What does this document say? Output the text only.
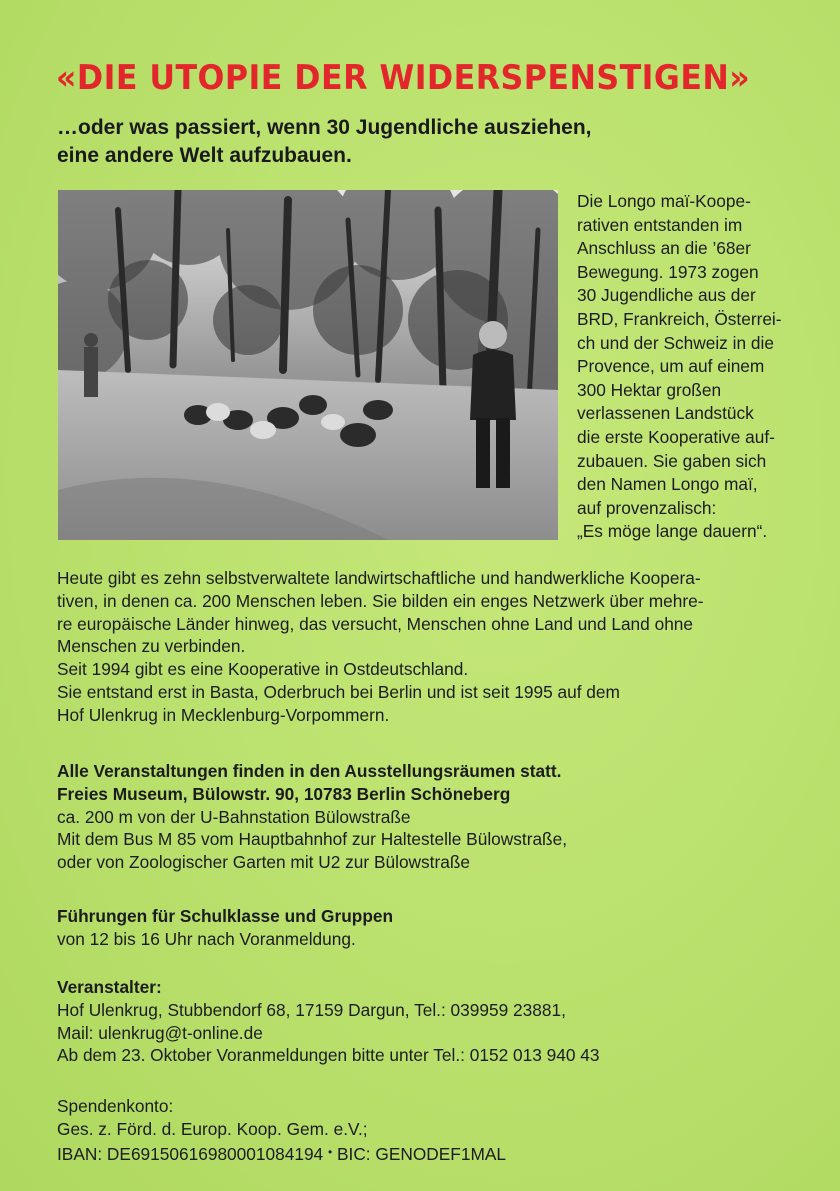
«DIE UTOPIE DER WIDERSPENSTIGEN»
…oder was passiert, wenn 30 Jugendliche ausziehen,
eine andere Welt aufzubauen.
Die Longo maï-Koope-
rativen entstanden im
Anschluss an die ’68er
Bewegung. 1973 zogen
30 Jugendliche aus der
BRD, Frankreich, Österrei-
ch und der Schweiz in die
Provence, um auf einem
300 Hektar großen
verlassenen Landstück
die erste Kooperative auf-
zubauen. Sie gaben sich
den Namen Longo maï,
auf provenzalisch:
„Es möge lange dauern“.
Heute gibt es zehn selbstverwaltete landwirtschaftliche und handwerkliche Koopera-
tiven, in denen ca. 200 Menschen leben. Sie bilden ein enges Netzwerk über mehre-
re europäische Länder hinweg, das versucht, Menschen ohne Land und Land ohne
Menschen zu verbinden.
Seit 1994 gibt es eine Kooperative in Ostdeutschland.
Sie entstand erst in Basta, Oderbruch bei Berlin und ist seit 1995 auf dem
Hof Ulenkrug in Mecklenburg-Vorpommern.
Alle Veranstaltungen finden in den Ausstellungsräumen statt.
Freies Museum, Bülowstr. 90, 10783 Berlin Schöneberg
ca. 200 m von der U-Bahnstation Bülowstraße
Mit dem Bus M 85 vom Hauptbahnhof zur Haltestelle Bülowstraße,
oder von Zoologischer Garten mit U2 zur Bülowstraße
Führungen für Schulklasse und Gruppen
von 12 bis 16 Uhr nach Voranmeldung.
Veranstalter:
Hof Ulenkrug, Stubbendorf 68, 17159 Dargun, Tel.: 039959 23881,
Mail: ulenkrug@t-online.de
Ab dem 23. Oktober Voranmeldungen bitte unter Tel.: 0152 013 940 43
Spendenkonto:
Ges. z. Förd. d. Europ. Koop. Gem. e.V.;
IBAN: DE69150616980001084194 • BIC: GENODEF1MAL
